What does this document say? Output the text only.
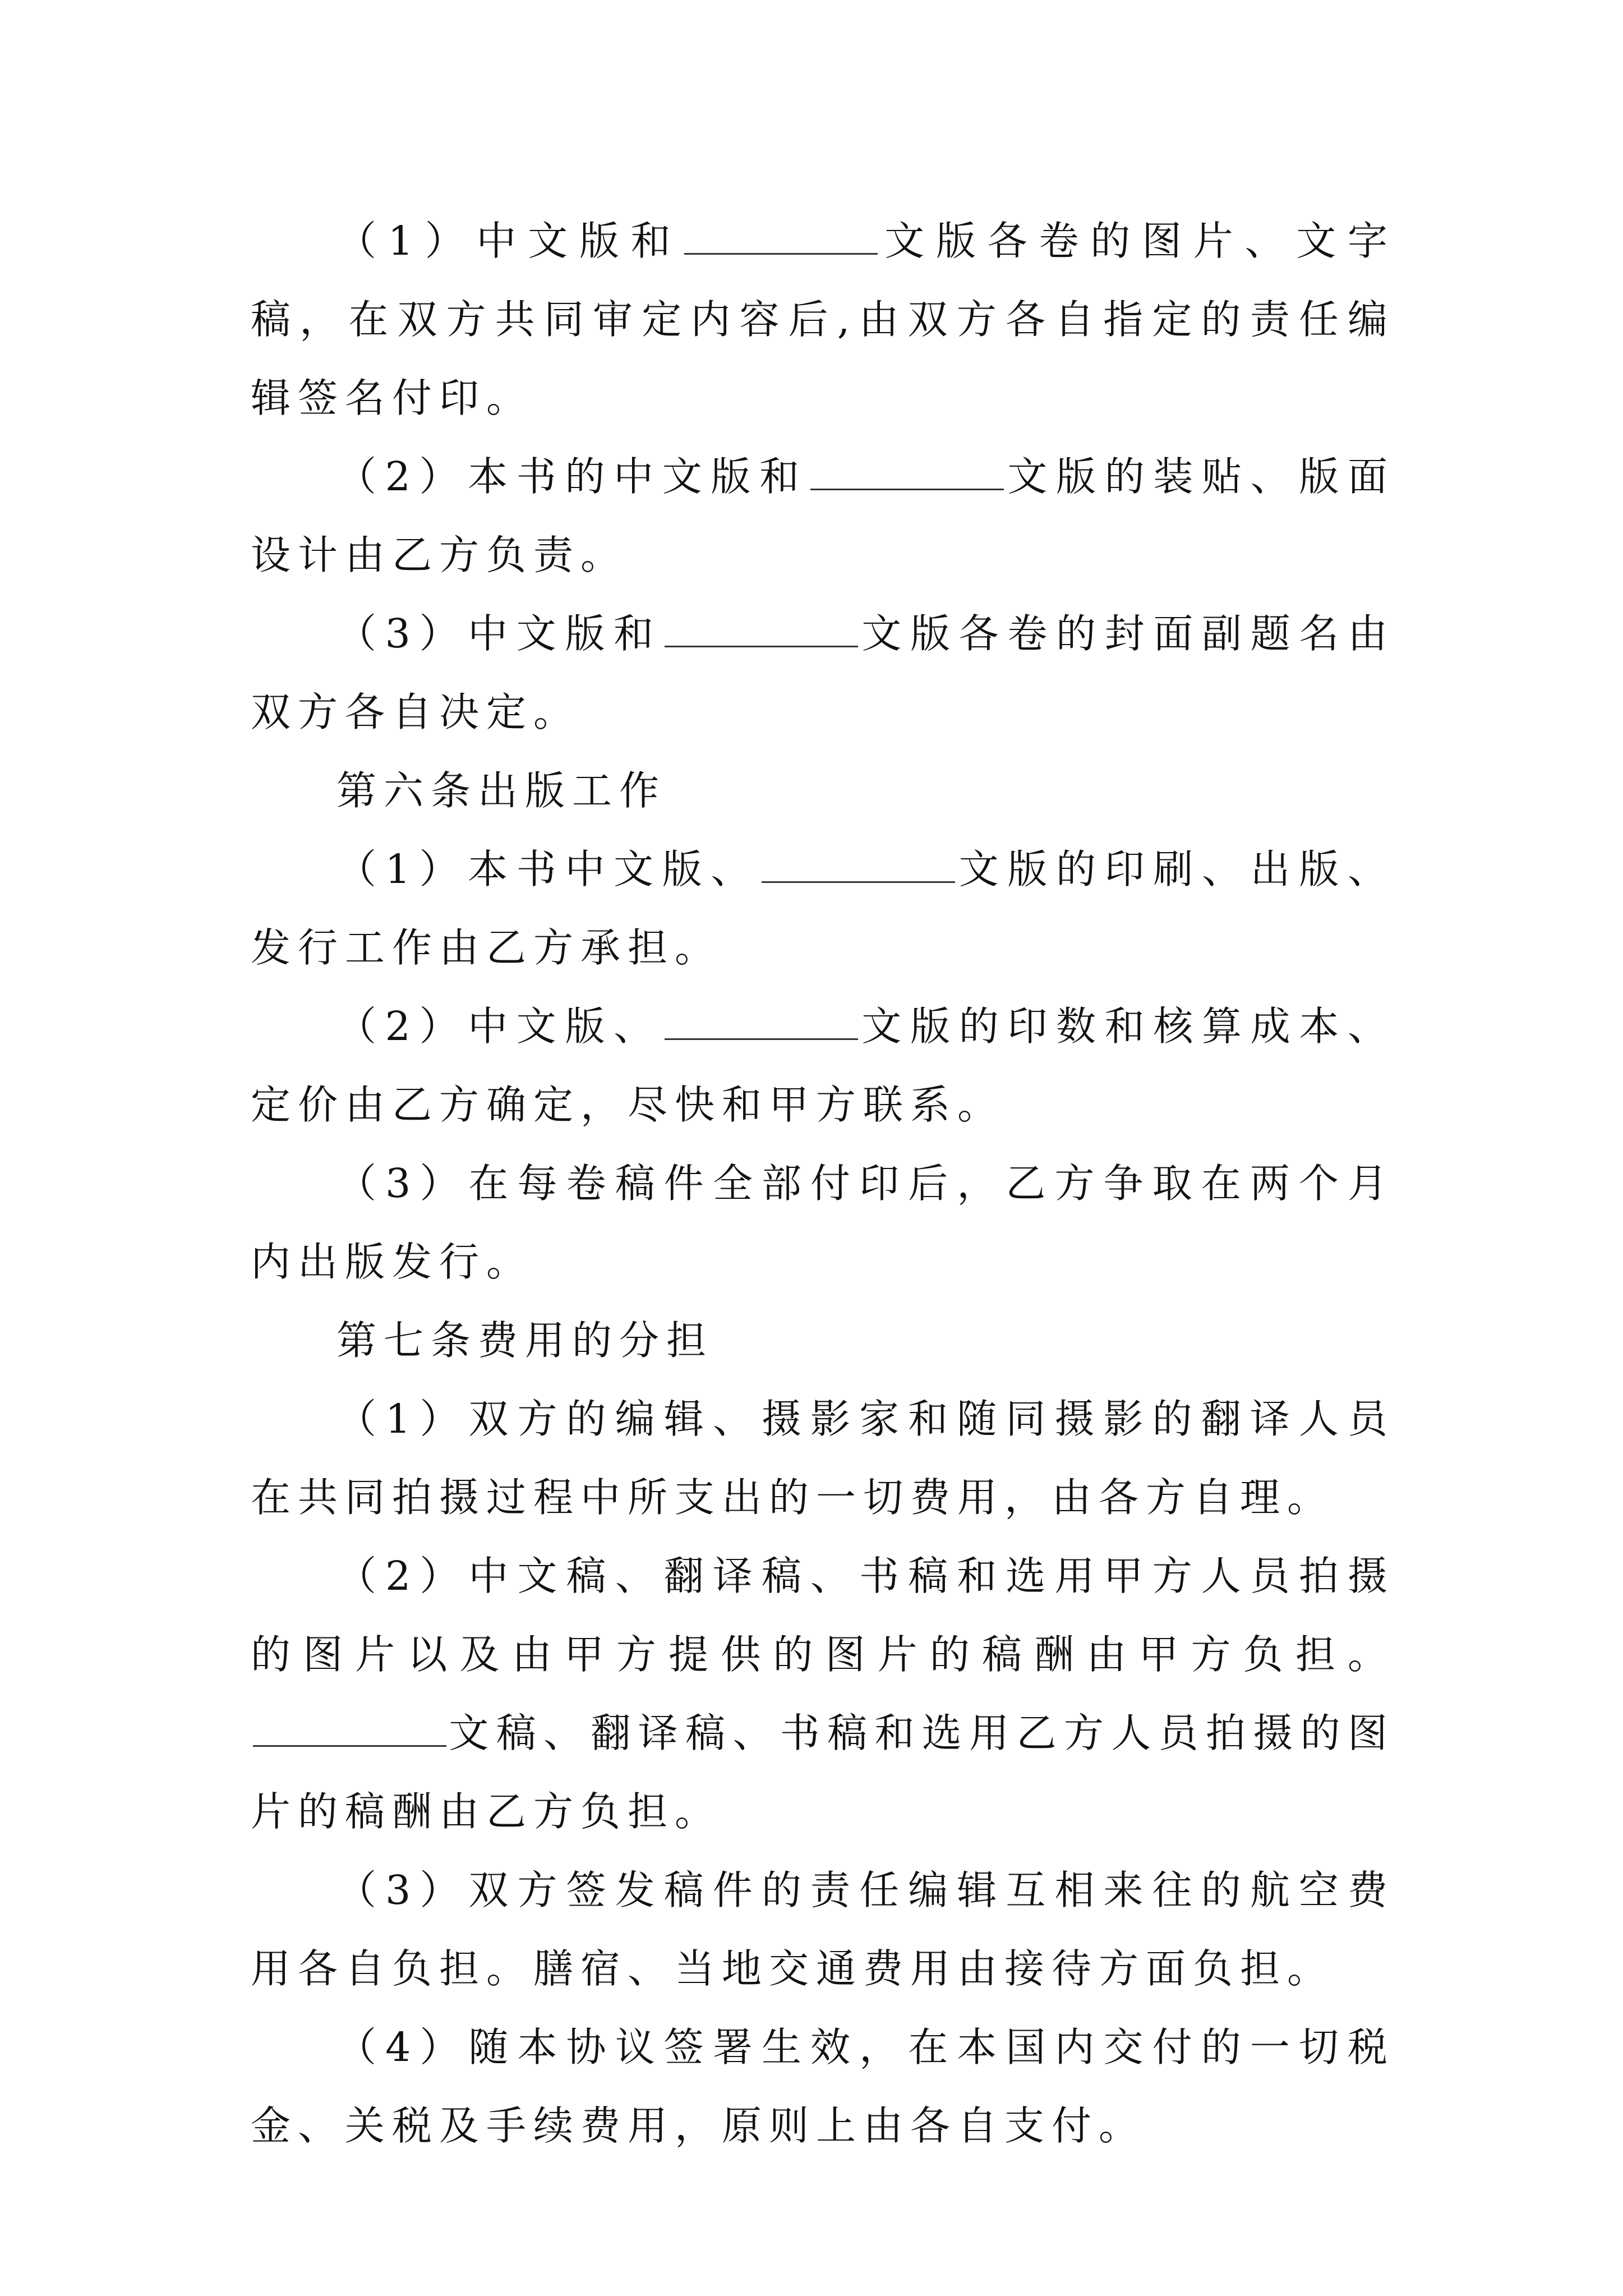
（1）中文版和	文版各卷的图片、文字稿，在双方共同审定内容后,由双方各自指定的责任编辑签名付印。

（2）本书的中文版和	文版的装贴、版面设计由乙方负责。

（3）中文版和	文版各卷的封面副题名由双方各自决定。

第六条出版工作

（1）本书中文版、	文版的印刷、出版、发行工作由乙方承担。

（2）中文版、	文版的印数和核算成本、定价由乙方确定，尽快和甲方联系。

（3）在每卷稿件全部付印后，乙方争取在两个月内出版发行。

第七条费用的分担

（1）双方的编辑、摄影家和随同摄影的翻译人员在共同拍摄过程中所支出的一切费用，由各方自理。

（2）中文稿、翻译稿、书稿和选用甲方人员拍摄的图片以及由甲方提供的图片的稿酬由甲方负担。文稿、翻译稿、书稿和选用乙方人员拍摄的图片的稿酬由乙方负担。

（3）双方签发稿件的责任编辑互相来往的航空费用各自负担。膳宿、当地交通费用由接待方面负担。

（4）随本协议签署生效，在本国内交付的一切税金、关税及手续费用，原则上由各自支付。
